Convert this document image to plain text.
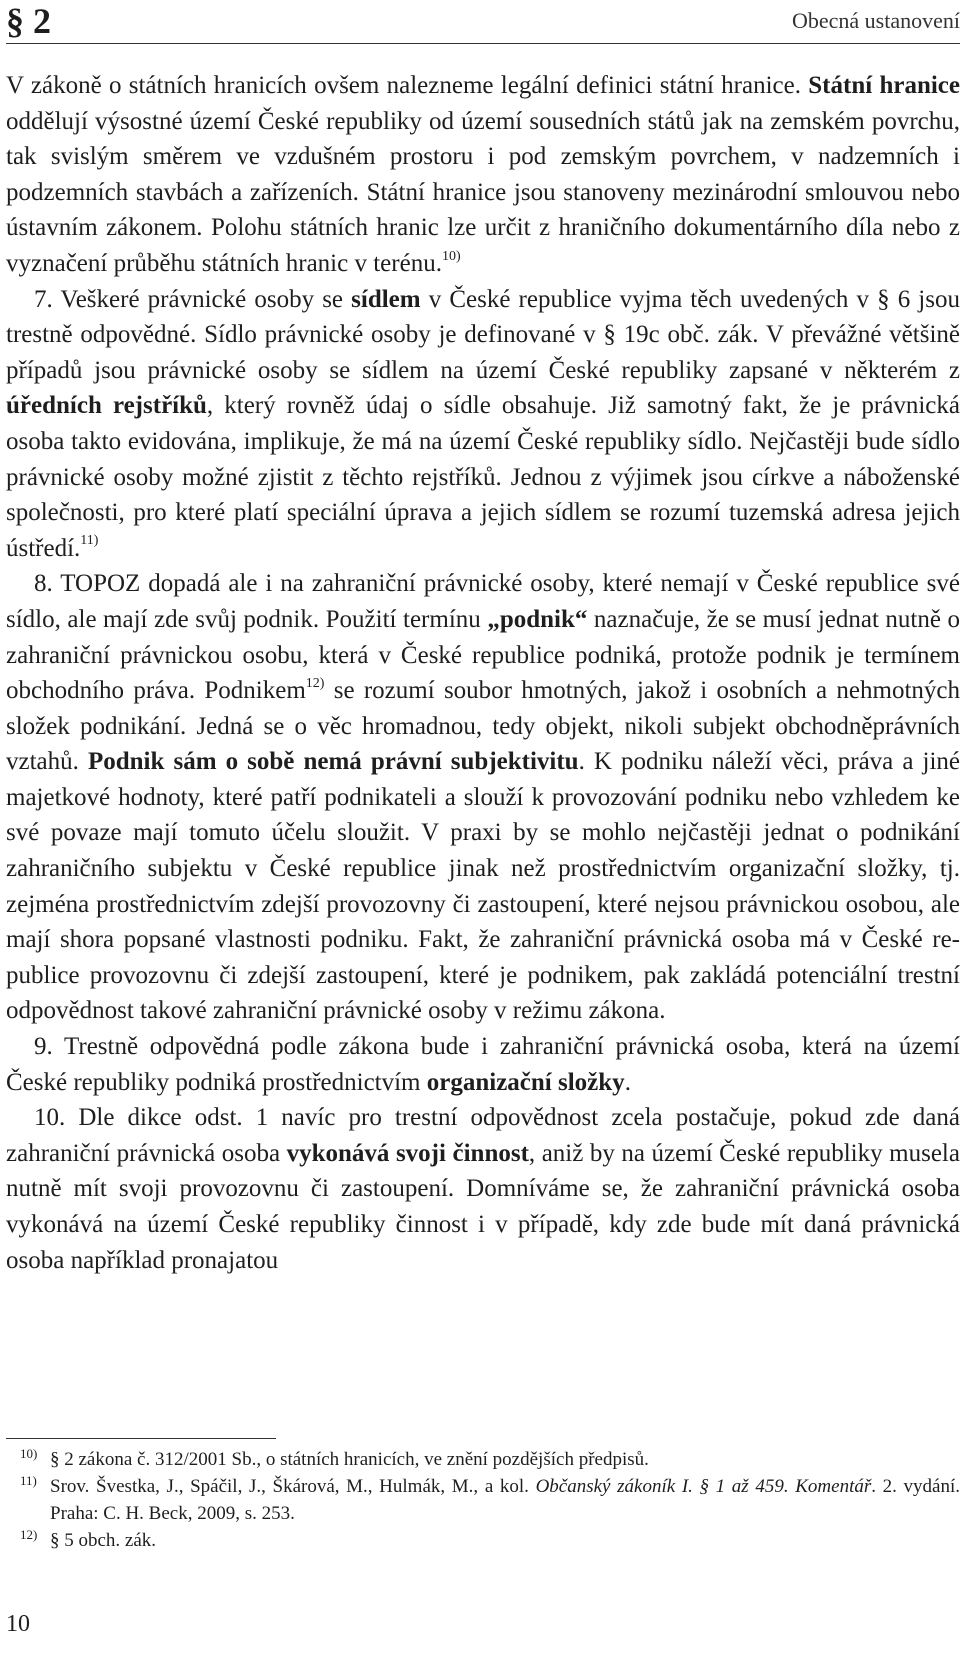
§ 2	Obecná ustanovení

V zákoně o státních hranicích ovšem nalezneme legální definici státní hranice. Státní hranice oddělují výsostné území České republiky od území sousedních států jak na zemském povrchu, tak svislým směrem ve vzdušném prostoru i pod zemským povrchem, v nadzemních i podzemních stavbách a zařízeních. Státní hranice jsou stanoveny mezinárodní smlouvou nebo ústavním zákonem. Polohu státních hranic lze určit z hraničního dokumentárního díla nebo z vyznačení průběhu státních hranic v terénu.$^{10)}$

7. Veškeré právnické osoby se sídlem v České republice vyjma těch uvedených v § 6 jsou trestně odpovědné. Sídlo právnické osoby je definované v § 19c obč. zák. V převážné většině případů jsou právnické osoby se sídlem na území České republiky zapsané v některém z úředních rejstříků, který rovněž údaj o sídle obsahuje. Již samotný fakt, že je právnická osoba takto evidována, implikuje, že má na území České republiky sídlo. Nejčastěji bude sídlo právnické osoby možné zjistit z těchto rejstříků. Jednou z výjimek jsou církve a náboženské společnosti, pro které platí speciální úprava a jejich sídlem se rozumí tuzemská adresa jejich ústředí.$^{11)}$

8. TOPOZ dopadá ale i na zahraniční právnické osoby, které nemají v České republice své sídlo, ale mají zde svůj podnik. Použití termínu „podnik“ naznačuje, že se musí jednat nutně o zahraniční právnickou osobu, která v České republice podniká, protože podnik je termínem obchodního práva. Podnikem$^{12)}$ se rozumí soubor hmotných, jakož i osobních a nehmotných složek podnikání. Jedná se o věc hromadnou, tedy objekt, nikoli subjekt obchodněprávních vztahů. Podnik sám o sobě nemá právní subjektivitu. K podniku náleží věci, práva a jiné majetkové hodnoty, které patří podnikateli a slouží k provozování podniku nebo vzhledem ke své povaze mají tomuto účelu sloužit. V praxi by se mohlo nejčastěji jednat o podnikání zahraničního subjektu v České republice jinak než prostřednictvím organizační složky, tj. zejména prostřednictvím zdejší provozovny či zastoupení, které nejsou právnickou osobou, ale mají shora popsané vlastnosti podniku. Fakt, že zahraniční právnická osoba má v České republice provozovnu či zdejší zastoupení, které je podnikem, pak zakládá potenciální trestní odpovědnost takové zahraniční právnické osoby v režimu zákona.

9. Trestně odpovědná podle zákona bude i zahraniční právnická osoba, která na území České republiky podniká prostřednictvím organizační složky.

10. Dle dikce odst. 1 navíc pro trestní odpovědnost zcela postačuje, pokud zde daná zahraniční právnická osoba vykonává svoji činnost, aniž by na území České republiky musela nutně mít svoji provozovnu či zastoupení. Domníváme se, že zahraniční právnická osoba vykonává na území České republiky činnost i v případě, kdy zde bude mít daná právnická osoba například pronajatou

10) § 2 zákona č. 312/2001 Sb., o státních hranicích, ve znění pozdějších předpisů.
11) Srov. Švestka, J., Spáčil, J., Škárová, M., Hulmák, M., a kol. Občanský zákoník I. § 1 až 459. Komentář. 2. vydání. Praha: C. H. Beck, 2009, s. 253.
12) § 5 obch. zák.
10
